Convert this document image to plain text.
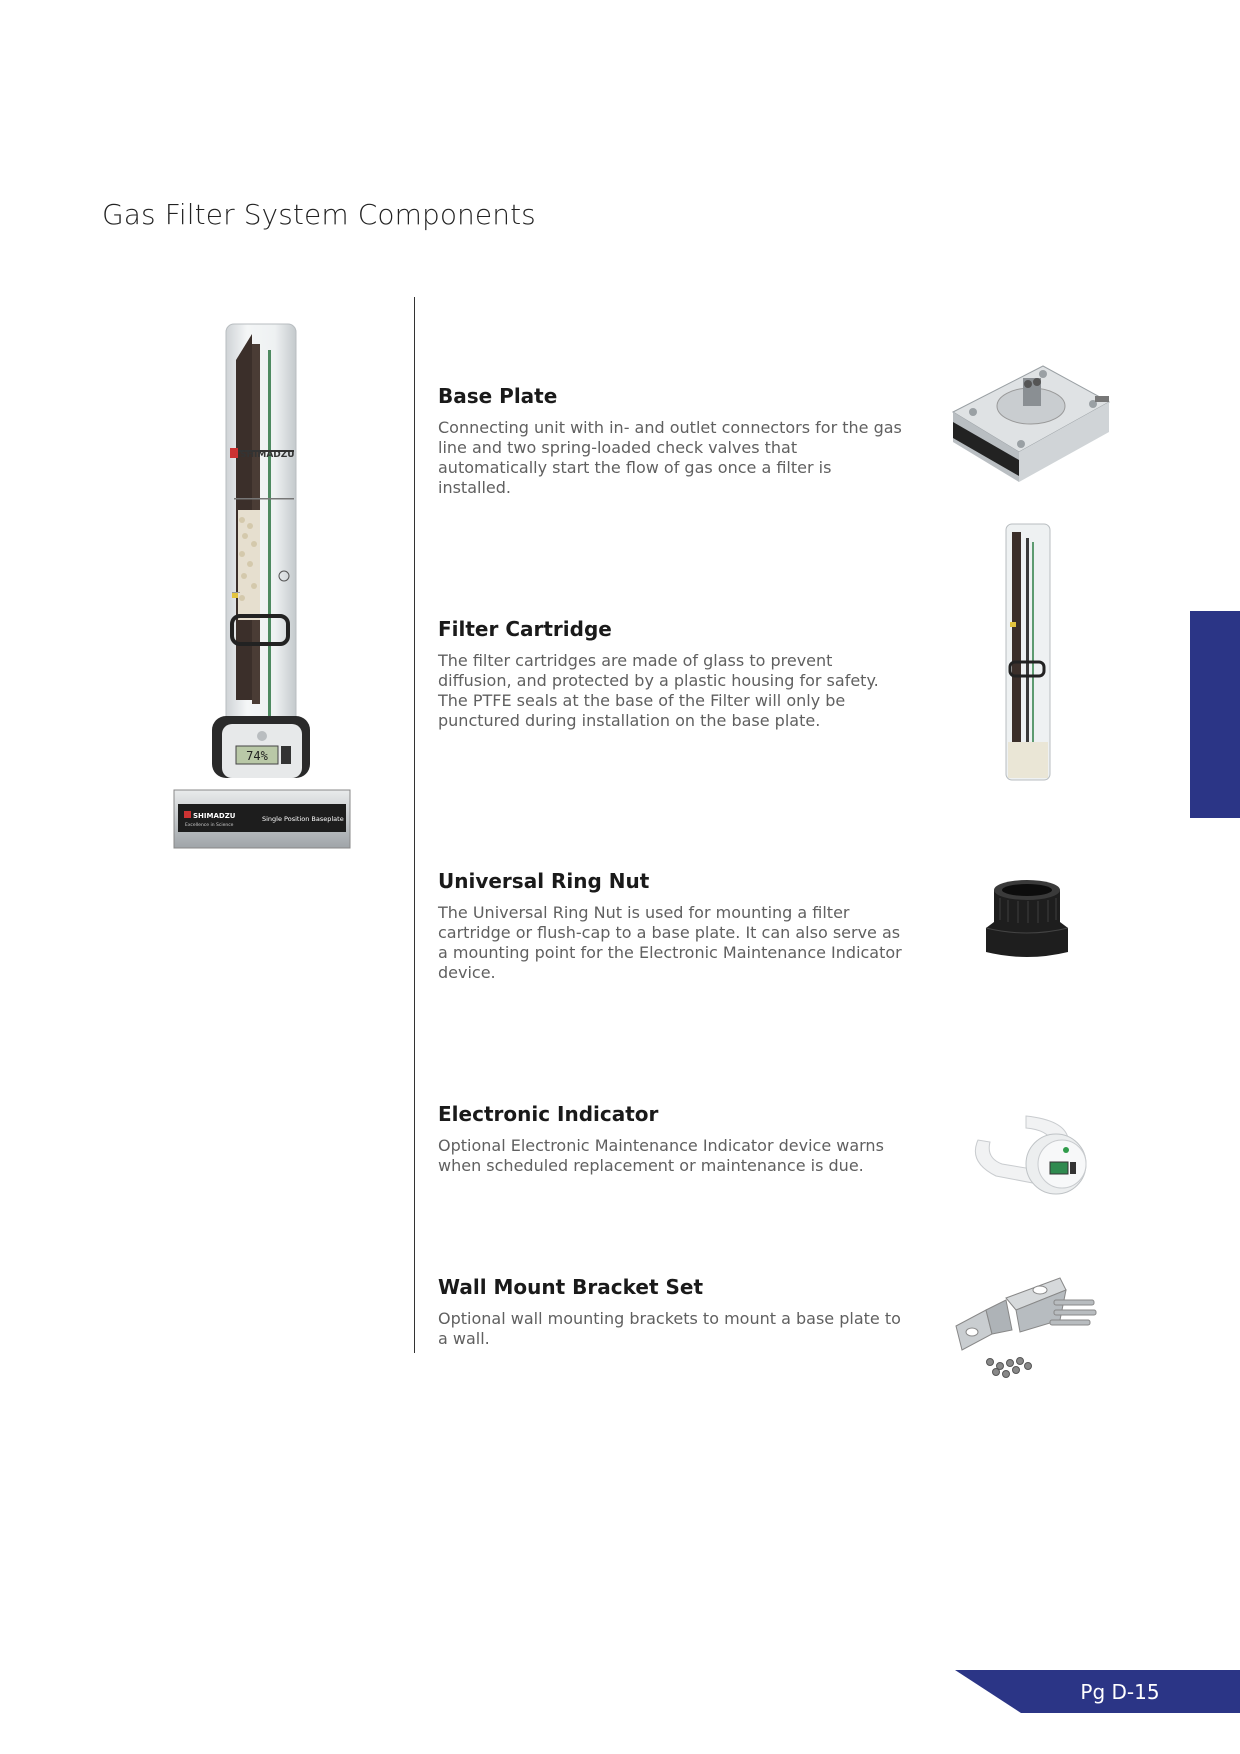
Gas Filter System Components
SHIMADZU
74%
SHIMADZU
Excellence in Science
Single Position Baseplate
Base Plate

Connecting unit with in- and outlet connectors for the gas line and two spring-loaded check valves that automatically start the flow of gas once a filter is installed.

Filter Cartridge

The filter cartridges are made of glass to prevent diffusion, and protected by a plastic housing for safety. The PTFE seals at the base of the Filter will only be punctured during installation on the base plate.

Universal Ring Nut

The Universal Ring Nut is used for mounting a filter cartridge or flush-cap to a base plate. It can also serve as a mounting point for the Electronic Maintenance Indicator device.

Electronic Indicator

Optional Electronic Maintenance Indicator device warns when scheduled replacement or maintenance is due.

Wall Mount Bracket Set

Optional wall mounting brackets to mount a base plate to a wall.

Pg D-15
